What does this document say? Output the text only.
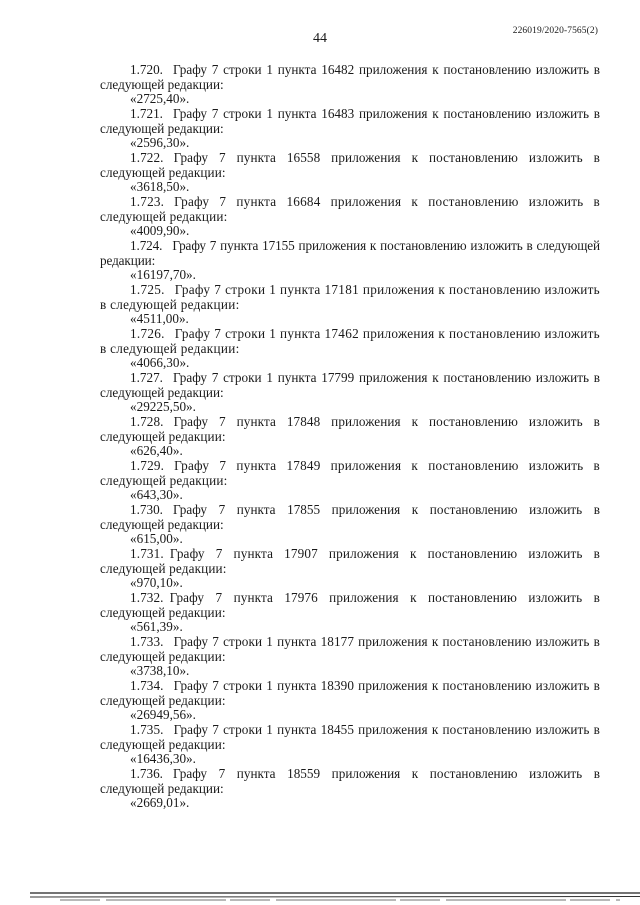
44	226019/2020-7565(2)

1.720. Графу 7 строки 1 пункта 16482 приложения к постановлению изложить в следующей редакции:

«2725,40».

1.721. Графу 7 строки 1 пункта 16483 приложения к постановлению изложить в следующей редакции:

«2596,30».

1.722. Графу 7 пункта 16558 приложения к постановлению изложить в следующей редакции:

«3618,50».

1.723. Графу 7 пункта 16684 приложения к постановлению изложить в следующей редакции:

«4009,90».

1.724. Графу 7 пункта 17155 приложения к постановлению изложить в следующей редакции:

«16197,70».

1.725. Графу 7 строки 1 пункта 17181 приложения к постановлению изложить в следующей редакции:

«4511,00».

1.726. Графу 7 строки 1 пункта 17462 приложения к постановлению изложить в следующей редакции:

«4066,30».

1.727. Графу 7 строки 1 пункта 17799 приложения к постановлению изложить в следующей редакции:

«29225,50».

1.728. Графу 7 пункта 17848 приложения к постановлению изложить в следующей редакции:

«626,40».

1.729. Графу 7 пункта 17849 приложения к постановлению изложить в следующей редакции:

«643,30».

1.730. Графу 7 пункта 17855 приложения к постановлению изложить в следующей редакции:

«615,00».

1.731. Графу 7 пункта 17907 приложения к постановлению изложить в следующей редакции:

«970,10».

1.732. Графу 7 пункта 17976 приложения к постановлению изложить в следующей редакции:

«561,39».

1.733. Графу 7 строки 1 пункта 18177 приложения к постановлению изложить в следующей редакции:

«3738,10».

1.734. Графу 7 строки 1 пункта 18390 приложения к постановлению изложить в следующей редакции:

«26949,56».

1.735. Графу 7 строки 1 пункта 18455 приложения к постановлению изложить в следующей редакции:

«16436,30».

1.736. Графу 7 пункта 18559 приложения к постановлению изложить в следующей редакции:

«2669,01».
